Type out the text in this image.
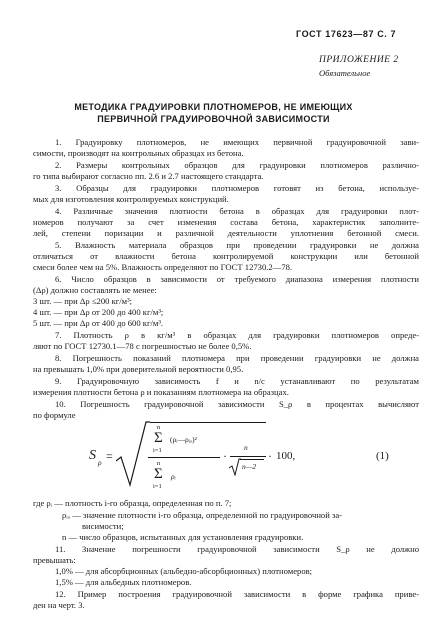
ГОСТ 17623—87 С. 7
ПРИЛОЖЕНИЕ 2
Обязательное
МЕТОДИКА ГРАДУИРОВКИ ПЛОТНОМЕРОВ, НЕ ИМЕЮЩИХ
ПЕРВИЧНОЙ ГРАДУИРОВОЧНОЙ ЗАВИСИМОСТИ
1. Градуировку плотномеров, не имеющих первичной градуировочной зави-
симости, производят на контрольных образцах из бетона.
2. Размеры контрольных образцов для градуировки плотномеров различно-
го типа выбирают согласно пп. 2.6 и 2.7 настоящего стандарта.
3. Образцы для градуировки плотномеров готовят из бетона, используе-
мых для изготовления контролируемых конструкций.
4. Различные значения плотности бетона в образцах для градуировки плот-
номеров получают за счет изменения состава бетона, характеристик заполните-
лей, степени поризации и различной деятельности уплотнения бетонной смеси.
5. Влажность материала образцов при проведении градуировки не должна
отличаться от влажности бетона контролируемой конструкции или бетонной
смеси более чем на 5%. Влажность определяют по ГОСТ 12730.2—78.
6. Число образцов в зависимости от требуемого диапазона измерения плотности
(Δρ) должно составлять не менее:
3 шт. — при Δρ ≤200 кг/м³;
4 шт. — при Δρ от 200 до 400 кг/м³;
5 шт. — при Δρ от 400 до 600 кг/м³.
7. Плотность ρ в кг/м³ в образцах для градуировки плотномеров опреде-
ляют по ГОСТ 12730.1—78 с погрешностью не более 0,5%.
8. Погрешность показаний плотномера при проведении градуировки не должна
на превышать 1,0% при доверительной вероятности 0,95.
9. Градуировочную зависимость f и n/c устанавливают по результатам
измерения плотности бетона ρ и показаниям плотномера на образцах.
10. Погрешность градуировочной зависимости S_ρ в процентах вычисляют
по формуле
S ρ =
n
Σ
i=1
(ρᵢ—ρᵢₒ)²
n
Σ
i=1
ρᵢ
·
n
n—2
· 100,	(1)
где ρᵢ — плотность i-го образца, определенная по п. 7;
ρᵢₒ — значение плотности i-го образца, определенной по градуировочной за-
висимости;
n — число образцов, испытанных для установления градуировки.
11. Значение погрешности градуировочной зависимости S_ρ не должно
превышать:
1,0% — для абсорбционных (альбедно-абсорбционных) плотномеров;
1,5% — для альбедных плотномеров.
12. Пример построения градуировочной зависимости в форме графика приве-
ден на черт. 3.
